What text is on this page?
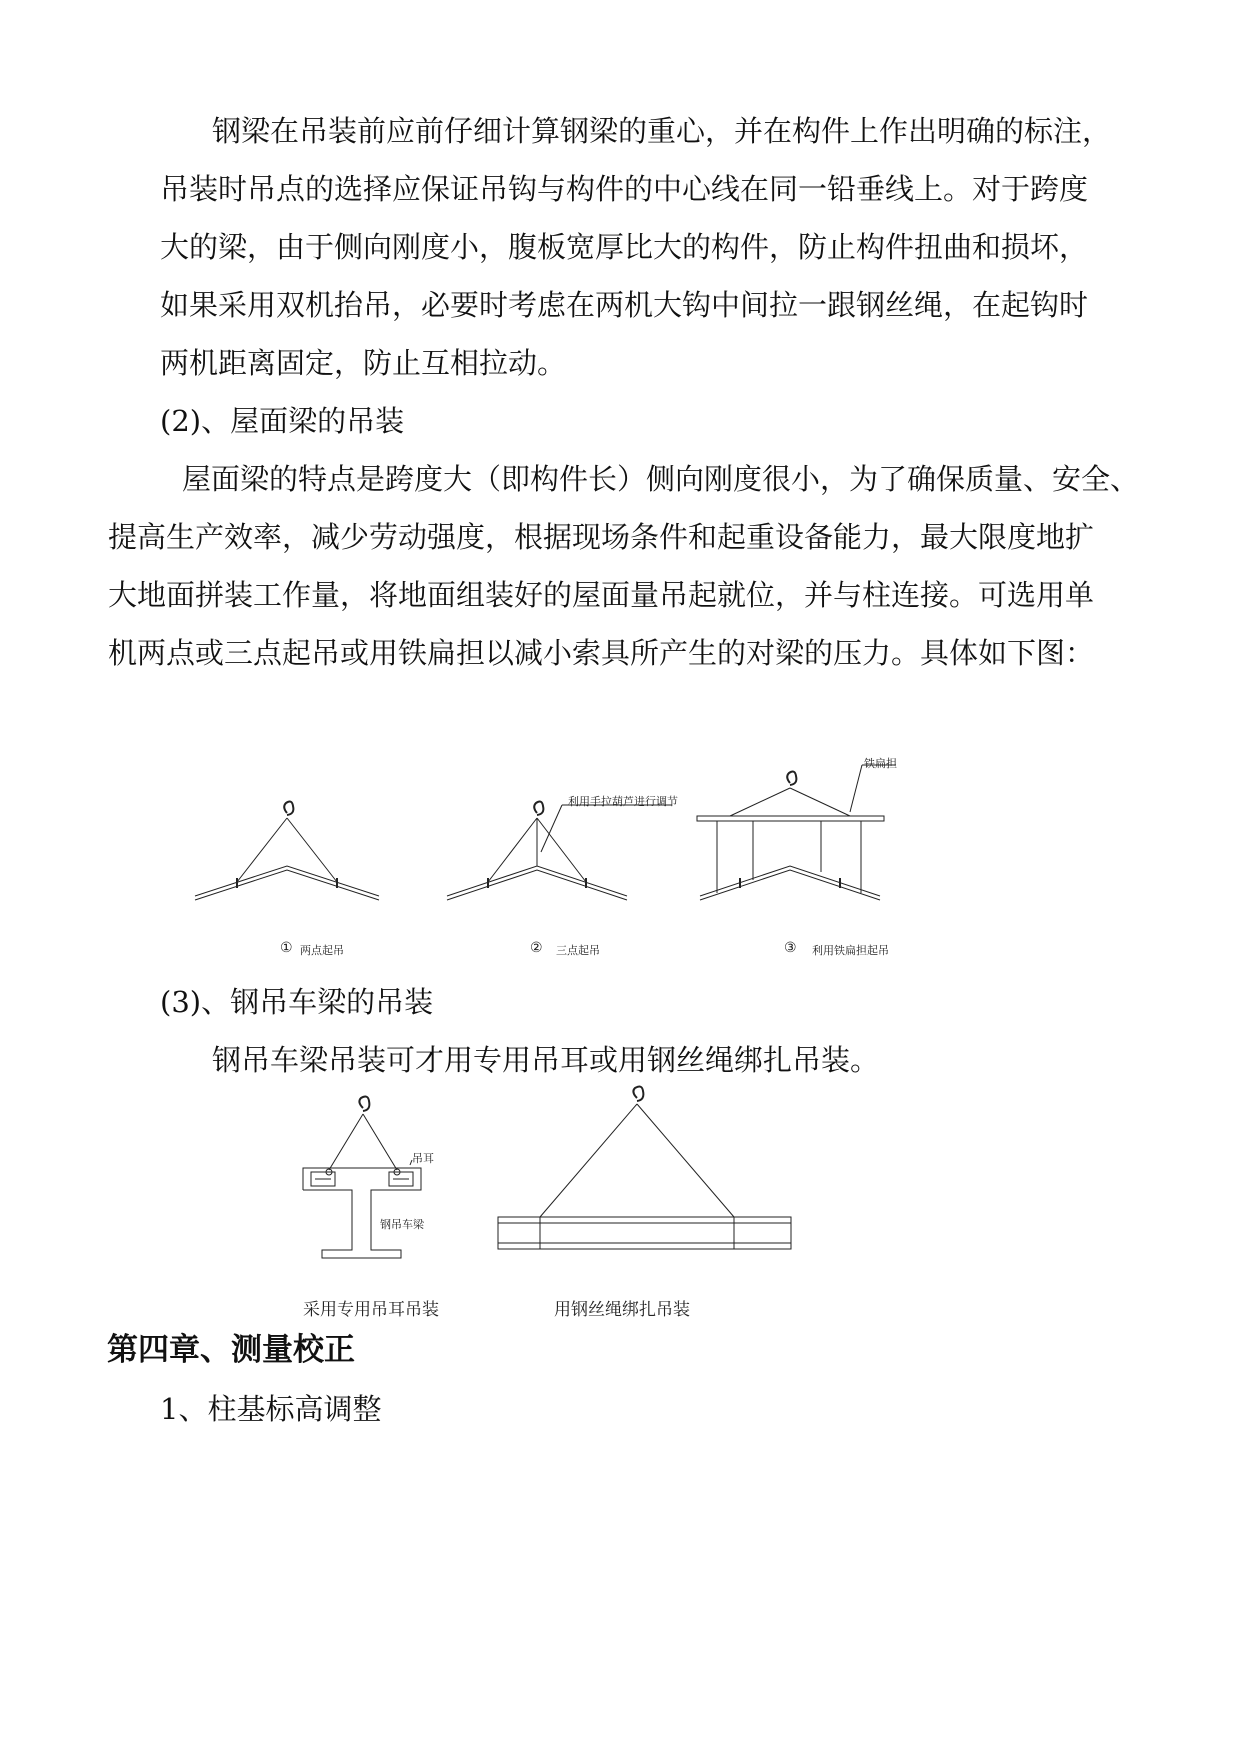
钢梁在吊装前应前仔细计算钢梁的重心，并在构件上作出明确的标注，
吊装时吊点的选择应保证吊钩与构件的中心线在同一铅垂线上。对于跨度
大的梁，由于侧向刚度小，腹板宽厚比大的构件，防止构件扭曲和损坏，
如果采用双机抬吊，必要时考虑在两机大钩中间拉一跟钢丝绳，在起钩时
两机距离固定，防止互相拉动。
(2)、屋面梁的吊装
屋面梁的特点是跨度大（即构件长）侧向刚度很小，为了确保质量、安全、
提高生产效率，减少劳动强度，根据现场条件和起重设备能力，最大限度地扩
大地面拼装工作量，将地面组装好的屋面量吊起就位，并与柱连接。可选用单
机两点或三点起吊或用铁扁担以减小索具所产生的对梁的压力。具体如下图：
利用手拉葫芦进行调节
铁扁担
① 两点起吊	② 三点起吊	③ 利用铁扁担起吊
(3)、钢吊车梁的吊装
钢吊车梁吊装可才用专用吊耳或用钢丝绳绑扎吊装。
吊耳
钢吊车梁
采用专用吊耳吊装	用钢丝绳绑扎吊装
第四章、测量校正
1、柱基标高调整
